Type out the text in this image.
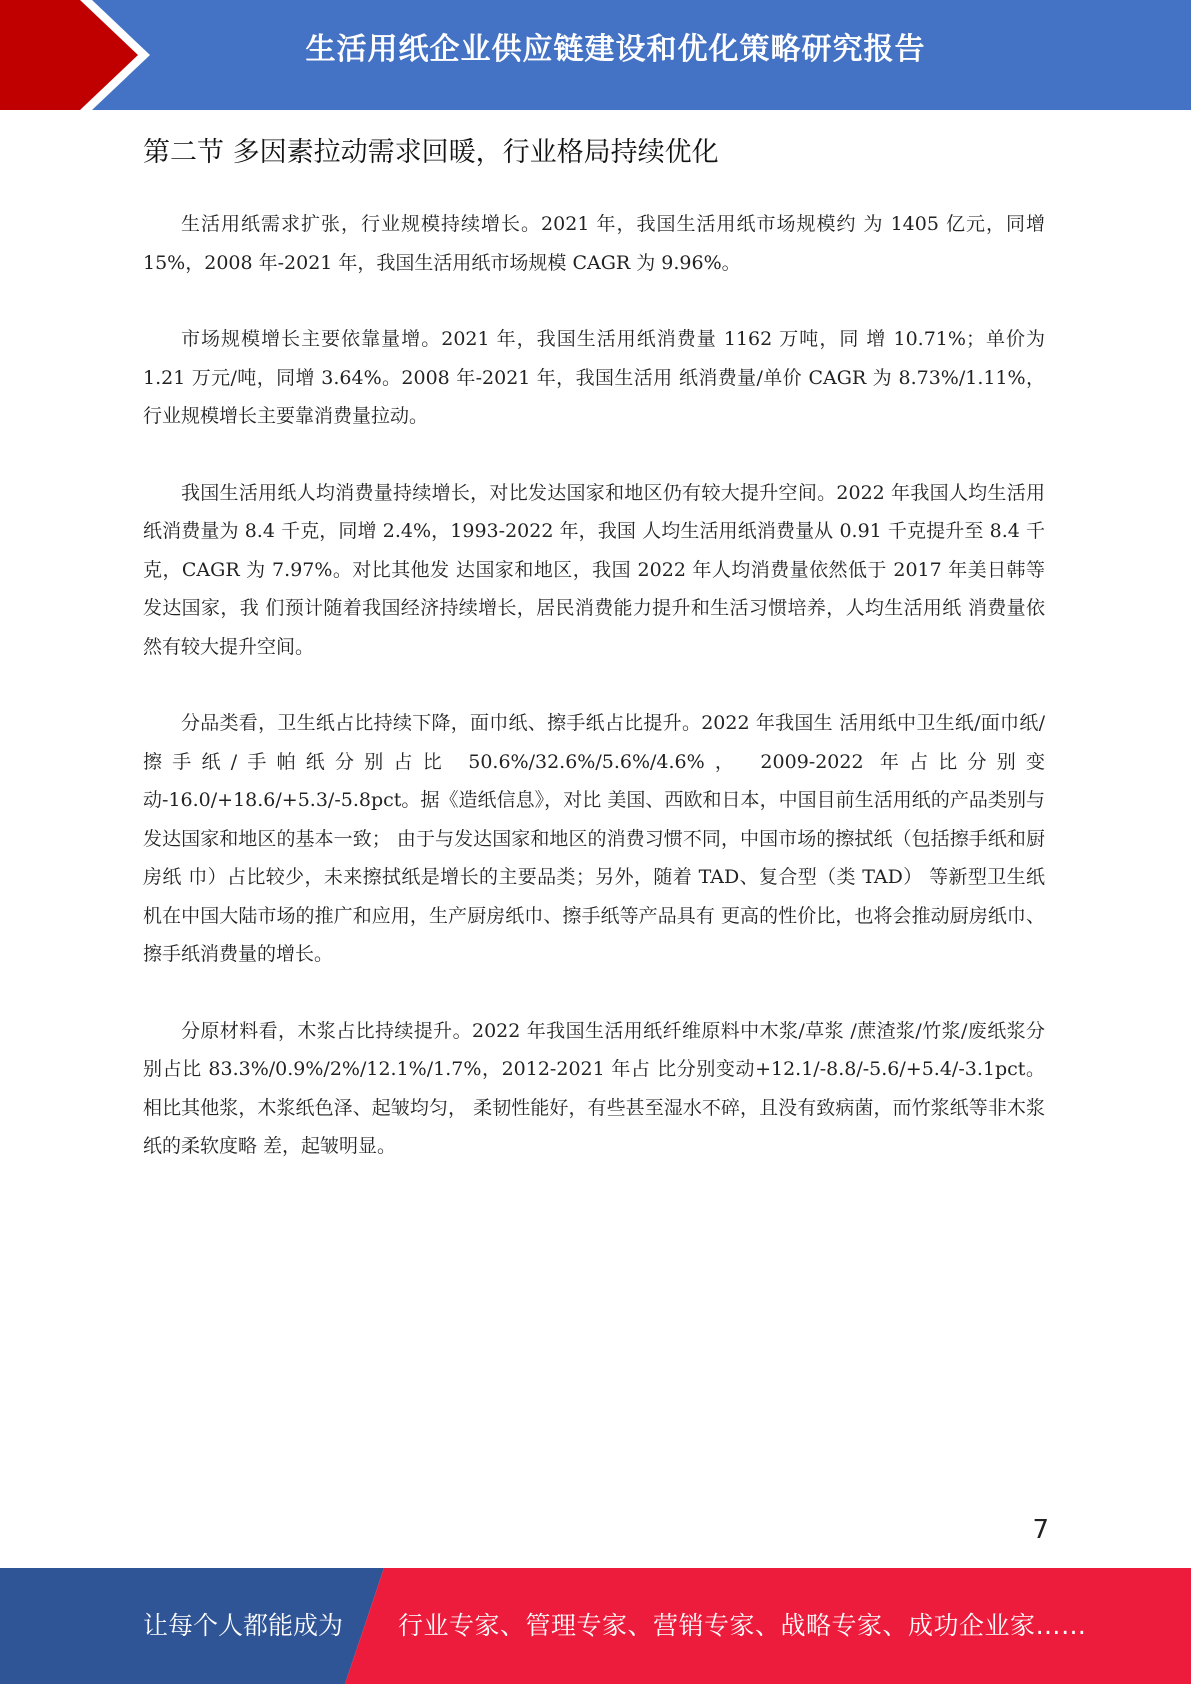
生活用纸企业供应链建设和优化策略研究报告
第二节 多因素拉动需求回暖，行业格局持续优化

生活用纸需求扩张，行业规模持续增长。2021 年，我国生活用纸市场规模约 为 1405 亿元，同增 15%，2008 年-2021 年，我国生活用纸市场规模 CAGR 为 9.96%。

市场规模增长主要依靠量增。2021 年，我国生活用纸消费量 1162 万吨，同 增 10.71%；单价为 1.21 万元/吨，同增 3.64%。2008 年-2021 年，我国生活用 纸消费量/单价 CAGR 为 8.73%/1.11%，行业规模增长主要靠消费量拉动。

我国生活用纸人均消费量持续增长，对比发达国家和地区仍有较大提升空间。2022 年我国人均生活用纸消费量为 8.4 千克，同增 2.4%，1993-2022 年，我国 人均生活用纸消费量从 0.91 千克提升至 8.4 千克，CAGR 为 7.97%。对比其他发 达国家和地区，我国 2022 年人均消费量依然低于 2017 年美日韩等发达国家，我 们预计随着我国经济持续增长，居民消费能力提升和生活习惯培养，人均生活用纸 消费量依然有较大提升空间。

分品类看，卫生纸占比持续下降，面巾纸、擦手纸占比提升。2022 年我国生 活用纸中卫生纸/面巾纸/擦手纸/手帕纸分别占比 50.6%/32.6%/5.6%/4.6%， 2009-2022 年占比分别变动-16.0/+18.6/+5.3/-5.8pct。据《造纸信息》，对比 美国、西欧和日本，中国目前生活用纸的产品类别与发达国家和地区的基本一致； 由于与发达国家和地区的消费习惯不同，中国市场的擦拭纸（包括擦手纸和厨房纸 巾）占比较少，未来擦拭纸是增长的主要品类；另外，随着 TAD、复合型（类 TAD） 等新型卫生纸机在中国大陆市场的推广和应用，生产厨房纸巾、擦手纸等产品具有 更高的性价比，也将会推动厨房纸巾、擦手纸消费量的增长。

分原材料看，木浆占比持续提升。2022 年我国生活用纸纤维原料中木浆/草浆 /蔗渣浆/竹浆/废纸浆分别占比 83.3%/0.9%/2%/12.1%/1.7%，2012-2021 年占 比分别变动+12.1/-8.8/-5.6/+5.4/-3.1pct。相比其他浆，木浆纸色泽、起皱均匀， 柔韧性能好，有些甚至湿水不碎，且没有致病菌，而竹浆纸等非木浆纸的柔软度略 差，起皱明显。

7
让每个人都能成为 行业专家、管理专家、营销专家、战略专家、成功企业家……
